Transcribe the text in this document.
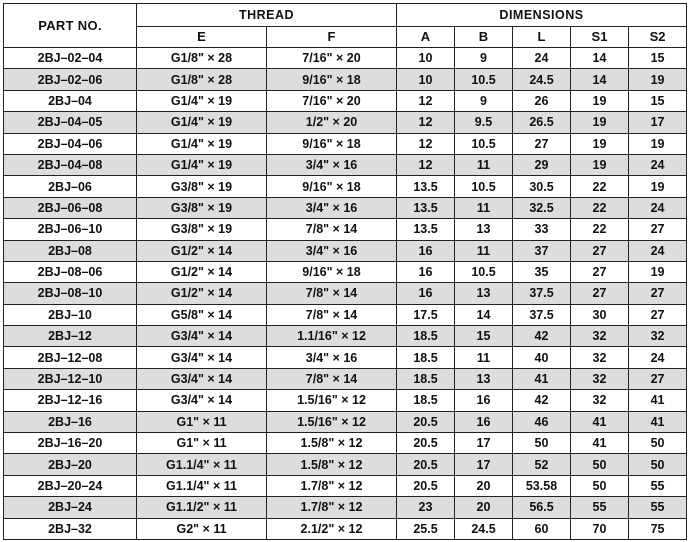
PART NO.	THREAD		DIMENSIONS				
	E	F	A	B	L	S1	S2
2BJ–02–04	G1/8" × 28	7/16" × 20	10	9	24	14	15
2BJ–02–06	G1/8" × 28	9/16" × 18	10	10.5	24.5	14	19
2BJ–04	G1/4" × 19	7/16" × 20	12	9	26	19	15
2BJ–04–05	G1/4" × 19	1/2" × 20	12	9.5	26.5	19	17
2BJ–04–06	G1/4" × 19	9/16" × 18	12	10.5	27	19	19
2BJ–04–08	G1/4" × 19	3/4" × 16	12	11	29	19	24
2BJ–06	G3/8" × 19	9/16" × 18	13.5	10.5	30.5	22	19
2BJ–06–08	G3/8" × 19	3/4" × 16	13.5	11	32.5	22	24
2BJ–06–10	G3/8" × 19	7/8" × 14	13.5	13	33	22	27
2BJ–08	G1/2" × 14	3/4" × 16	16	11	37	27	24
2BJ–08–06	G1/2" × 14	9/16" × 18	16	10.5	35	27	19
2BJ–08–10	G1/2" × 14	7/8" × 14	16	13	37.5	27	27
2BJ–10	G5/8" × 14	7/8" × 14	17.5	14	37.5	30	27
2BJ–12	G3/4" × 14	1.1/16" × 12	18.5	15	42	32	32
2BJ–12–08	G3/4" × 14	3/4" × 16	18.5	11	40	32	24
2BJ–12–10	G3/4" × 14	7/8" × 14	18.5	13	41	32	27
2BJ–12–16	G3/4" × 14	1.5/16" × 12	18.5	16	42	32	41
2BJ–16	G1" × 11	1.5/16" × 12	20.5	16	46	41	41
2BJ–16–20	G1" × 11	1.5/8" × 12	20.5	17	50	41	50
2BJ–20	G1.1/4" × 11	1.5/8" × 12	20.5	17	52	50	50
2BJ–20–24	G1.1/4" × 11	1.7/8" × 12	20.5	20	53.58	50	55
2BJ–24	G1.1/2" × 11	1.7/8" × 12	23	20	56.5	55	55
2BJ–32	G2" × 11	2.1/2" × 12	25.5	24.5	60	70	75
